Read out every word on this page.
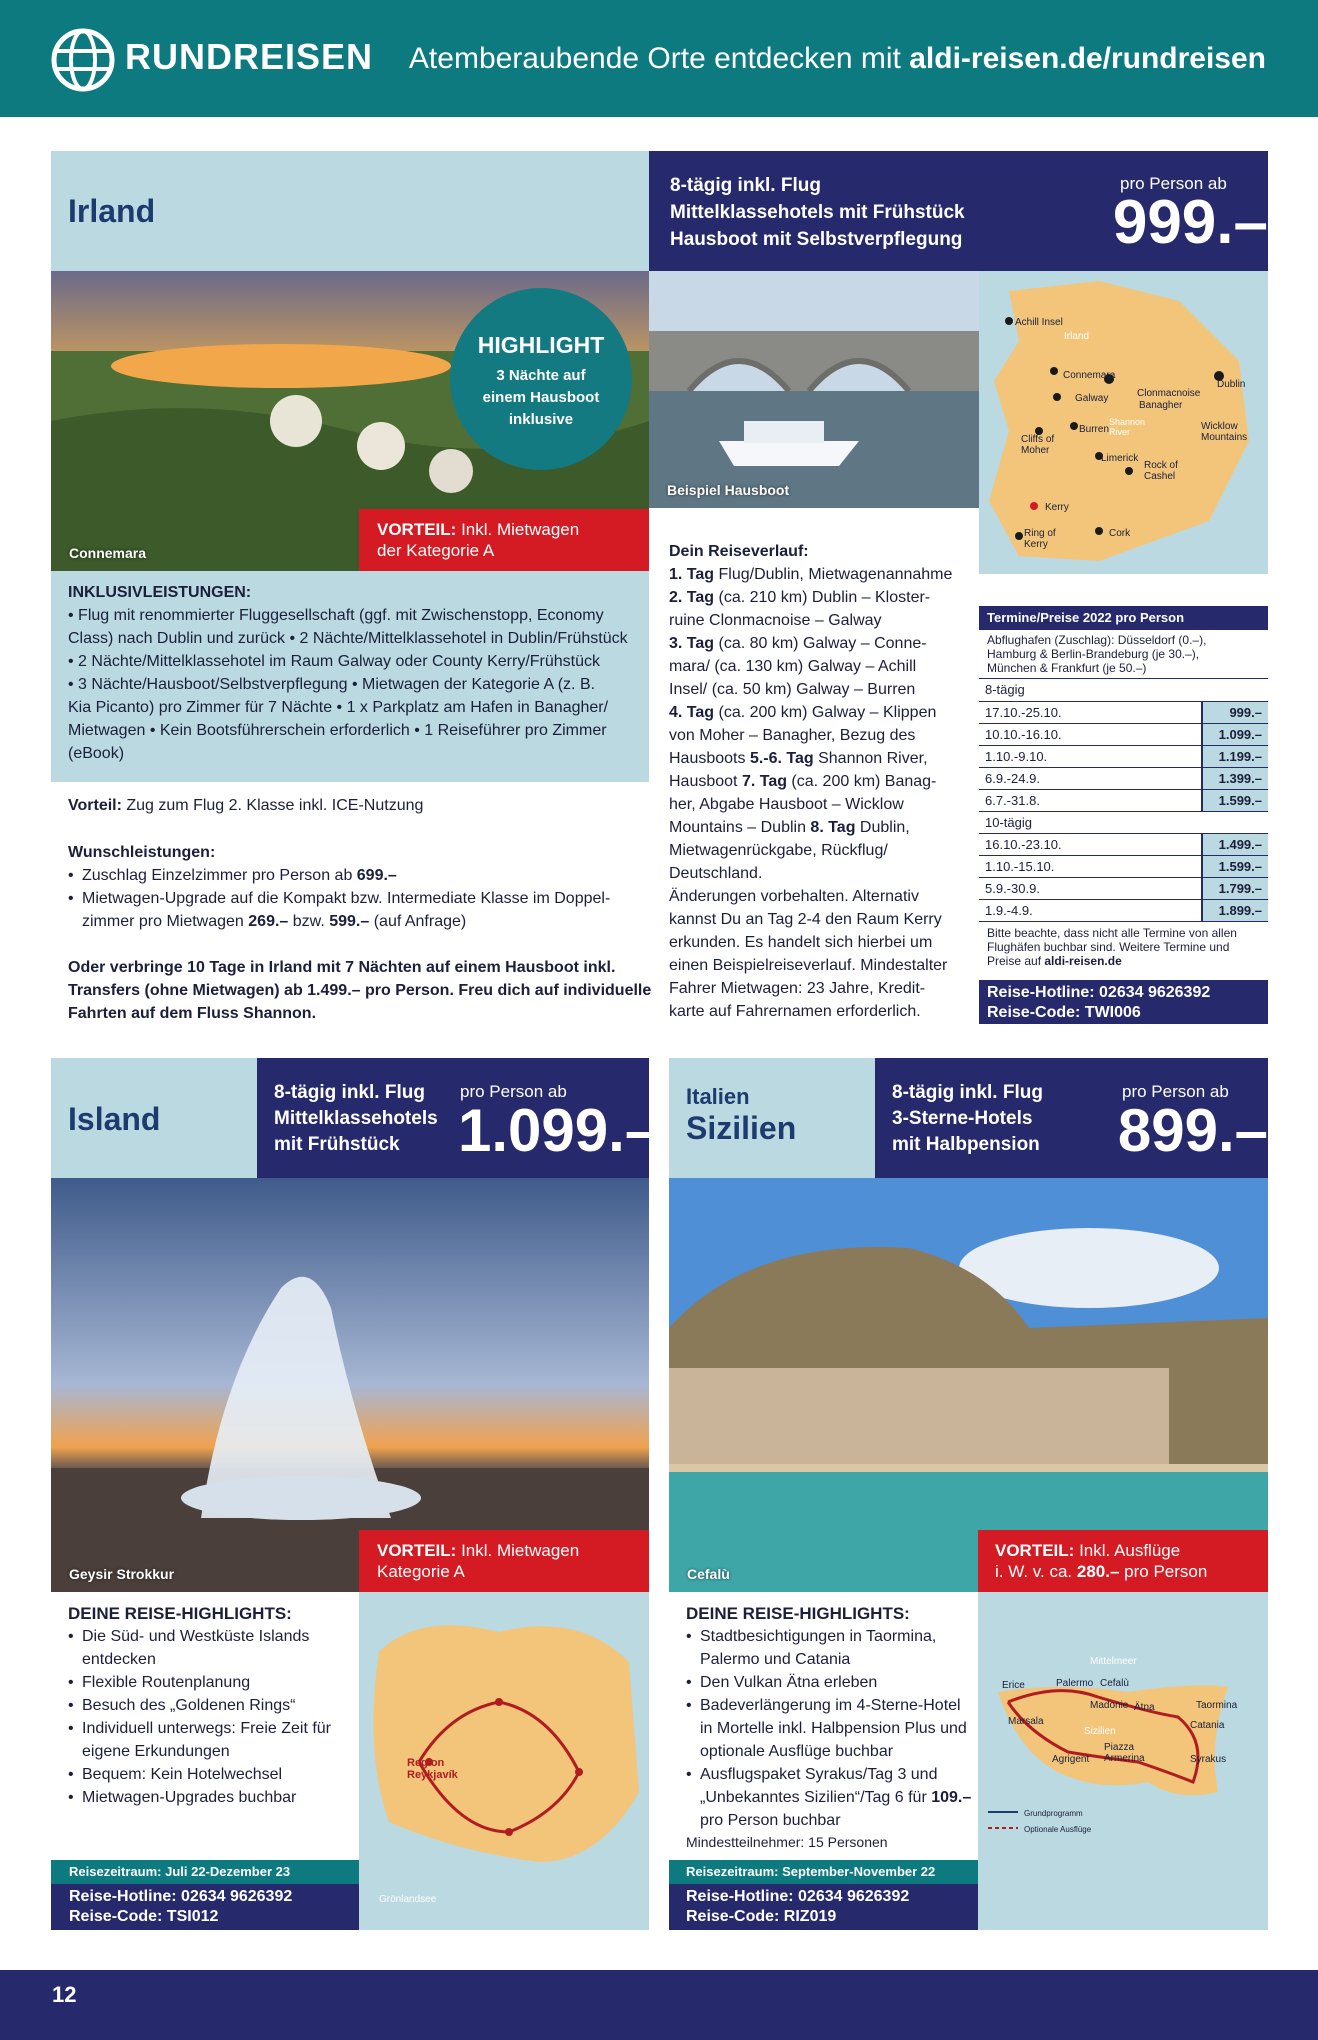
RUNDREISEN Atemberaubende Orte entdecken mit aldi-reisen.de/rundreisen
Irland
8-tägig inkl. Flug
Mittelklassehotels mit Frühstück
Hausboot mit Selbstverpflegung
pro Person ab
999.–
Connemara
HIGHLIGHT
3 Nächte auf
einem Hausboot
inklusive
VORTEIL: Inkl. Mietwagen
der Kategorie A
Beispiel Hausboot
Achill Insel
Irland
Connemara
Galway	Clonmacnoise
Banagher
Dublin
Cliffs of Moher
Burren
Shannon River	Wicklow Mountains
Limerick
Rock of Cashel
Kerry
Ring of Kerry
Cork
INKLUSIVLEISTUNGEN:
• Flug mit renommierter Fluggesellschaft (ggf. mit Zwischenstopp, Economy
Class) nach Dublin und zurück • 2 Nächte/Mittelklassehotel in Dublin/Frühstück
• 2 Nächte/Mittelklassehotel im Raum Galway oder County Kerry/Frühstück
• 3 Nächte/Hausboot/Selbstverpflegung • Mietwagen der Kategorie A (z. B.
Kia Picanto) pro Zimmer für 7 Nächte • 1 x Parkplatz am Hafen in Banagher/
Mietwagen • Kein Bootsführerschein erforderlich • 1 Reiseführer pro Zimmer
(eBook)
Vorteil: Zug zum Flug 2. Klasse inkl. ICE-Nutzung
Wunschleistungen:
• Zuschlag Einzelzimmer pro Person ab 699.–
• Mietwagen-Upgrade auf die Kompakt bzw. Intermediate Klasse im Doppel-
zimmer pro Mietwagen 269.– bzw. 599.– (auf Anfrage)
Oder verbringe 10 Tage in Irland mit 7 Nächten auf einem Hausboot inkl.
Transfers (ohne Mietwagen) ab 1.499.– pro Person. Freu dich auf individuelle
Fahrten auf dem Fluss Shannon.
Dein Reiseverlauf:
1. Tag Flug/Dublin, Mietwagenannahme
2. Tag (ca. 210 km) Dublin – Kloster-
ruine Clonmacnoise – Galway
3. Tag (ca. 80 km) Galway – Conne-
mara/ (ca. 130 km) Galway – Achill
Insel/ (ca. 50 km) Galway – Burren
4. Tag (ca. 200 km) Galway – Klippen
von Moher – Banagher, Bezug des
Hausboots 5.-6. Tag Shannon River,
Hausboot 7. Tag (ca. 200 km) Banag-
her, Abgabe Hausboot – Wicklow
Mountains – Dublin 8. Tag Dublin,
Mietwagenrückgabe, Rückflug/
Deutschland.
Änderungen vorbehalten. Alternativ
kannst Du an Tag 2-4 den Raum Kerry
erkunden. Es handelt sich hierbei um
einen Beispielreiseverlauf. Mindestalter
Fahrer Mietwagen: 23 Jahre, Kredit-
karte auf Fahrernamen erforderlich.
Termine/Preise 2022 pro Person
Abflughafen (Zuschlag): Düsseldorf (0.–),
Hamburg & Berlin-Brandeburg (je 30.–),
München & Frankfurt (je 50.–)
8-tägig	
17.10.-25.10.	999.–
10.10.-16.10.	1.099.–
1.10.-9.10.	1.199.–
6.9.-24.9.	1.399.–
6.7.-31.8.	1.599.–
10-tägig	
16.10.-23.10.	1.499.–
1.10.-15.10.	1.599.–
5.9.-30.9.	1.799.–
1.9.-4.9.	1.899.–
Bitte beachte, dass nicht alle Termine von allen
Flughäfen buchbar sind. Weitere Termine und
Preise auf aldi-reisen.de
Reise-Hotline: 02634 9626392
Reise-Code: TWI006
Island
8-tägig inkl. Flug
Mittelklassehotels
mit Frühstück
pro Person ab
1.099.–
Geysir Strokkur
VORTEIL: Inkl. Mietwagen
Kategorie A
DEINE REISE-HIGHLIGHTS:
• Die Süd- und Westküste Islands
entdecken
• Flexible Routenplanung
• Besuch des „Goldenen Rings“
• Individuell unterwegs: Freie Zeit für
eigene Erkundungen
• Bequem: Kein Hotelwechsel
• Mietwagen-Upgrades buchbar
Region Reykjavík
Grönlandsee
Reisezeitraum: Juli 22-Dezember 23
Reise-Hotline: 02634 9626392
Reise-Code: TSI012
Italien
Sizilien
8-tägig inkl. Flug
3-Sterne-Hotels
mit Halbpension
pro Person ab
899.–
Cefalù
VORTEIL: Inkl. Ausflüge
i. W. v. ca. 280.– pro Person
DEINE REISE-HIGHLIGHTS:
• Stadtbesichtigungen in Taormina,
Palermo und Catania
• Den Vulkan Ätna erleben
• Badeverlängerung im 4-Sterne-Hotel
in Mortelle inkl. Halbpension Plus und
optionale Ausflüge buchbar
• Ausflugspaket Syrakus/Tag 3 und
„Unbekanntes Sizilien“/Tag 6 für 109.–
pro Person buchbar
Mindestteilnehmer: 15 Personen
Mittelmeer
Erice	Palermo Cefalù
Marsala
Madonie Ätna	Taormina
Sizilien
Catania
Agrigent
Piazza Armerina	Syrakus
Grundprogramm
Optionale Ausflüge
Reisezeitraum: September-November 22
Reise-Hotline: 02634 9626392
Reise-Code: RIZ019
12
